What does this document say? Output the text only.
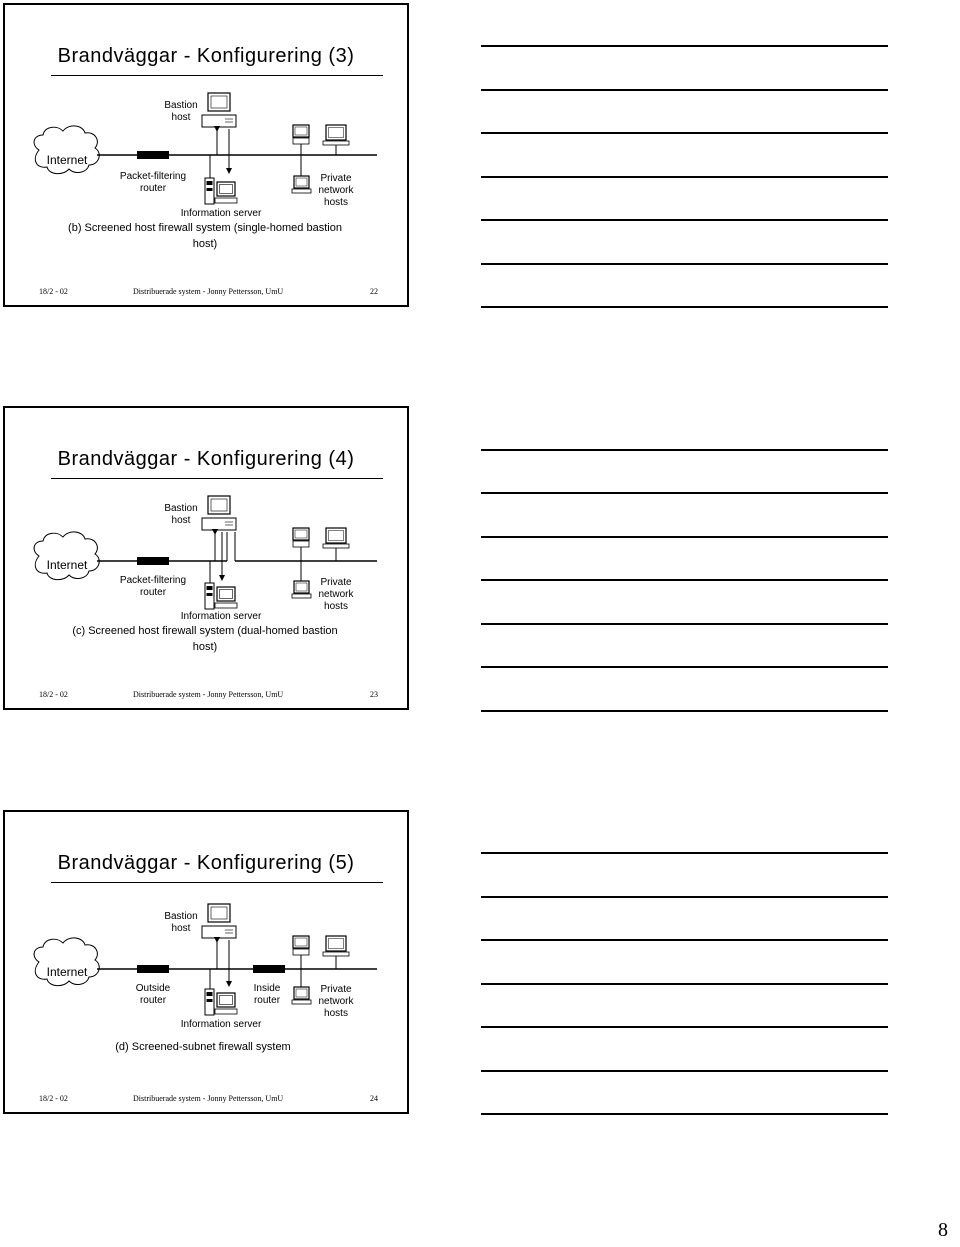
Brandväggar - Konfigurering (3)
Internet
Packet-filtering
router
Bastion
host
Information server
Private
network
hosts
(b) Screened host firewall system (single-homed bastion
host)
18/2 - 02	Distribuerade system - Jonny Pettersson, UmU	22
Brandväggar - Konfigurering (4)
Internet
Packet-filtering
router
Bastion
host
Information server
Private
network
hosts
(c) Screened host firewall system (dual-homed bastion
host)
18/2 - 02	Distribuerade system - Jonny Pettersson, UmU	23
Brandväggar - Konfigurering (5)
Internet
Outside
router
Inside
router
Bastion
host
Information server
Private
network
hosts
(d) Screened-subnet firewall system
18/2 - 02	Distribuerade system - Jonny Pettersson, UmU	24
8
